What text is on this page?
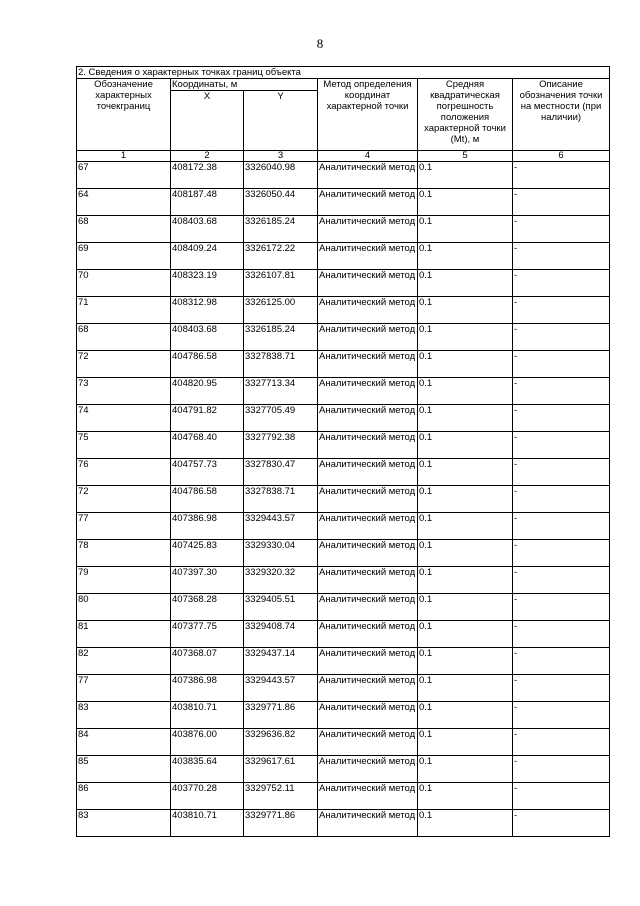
8
2. Сведения о характерных точках границ объекта					
Обозначение характерных точекграниц	Координаты, м		Метод определения координат характерной точки	Средняя квадратическая погрешность положения характерной точки (Mt), м	Описание обозначения точки на местности (при наличии)
	X	Y			
1	2	3	4	5	6
67	408172.38	3326040.98	Аналитический метод	0.1	-
64	408187.48	3326050.44	Аналитический метод	0.1	-
68	408403.68	3326185.24	Аналитический метод	0.1	-
69	408409.24	3326172.22	Аналитический метод	0.1	-
70	408323.19	3326107.81	Аналитический метод	0.1	-
71	408312.98	3326125.00	Аналитический метод	0.1	-
68	408403.68	3326185.24	Аналитический метод	0.1	-
72	404786.58	3327838.71	Аналитический метод	0.1	-
73	404820.95	3327713.34	Аналитический метод	0.1	-
74	404791.82	3327705.49	Аналитический метод	0.1	-
75	404768.40	3327792.38	Аналитический метод	0.1	-
76	404757.73	3327830.47	Аналитический метод	0.1	-
72	404786.58	3327838.71	Аналитический метод	0.1	-
77	407386.98	3329443.57	Аналитический метод	0.1	-
78	407425.83	3329330.04	Аналитический метод	0.1	-
79	407397.30	3329320.32	Аналитический метод	0.1	-
80	407368.28	3329405.51	Аналитический метод	0.1	-
81	407377.75	3329408.74	Аналитический метод	0.1	-
82	407368.07	3329437.14	Аналитический метод	0.1	-
77	407386.98	3329443.57	Аналитический метод	0.1	-
83	403810.71	3329771.86	Аналитический метод	0.1	-
84	403876.00	3329636.82	Аналитический метод	0.1	-
85	403835.64	3329617.61	Аналитический метод	0.1	-
86	403770.28	3329752.11	Аналитический метод	0.1	-
83	403810.71	3329771.86	Аналитический метод	0.1	-
